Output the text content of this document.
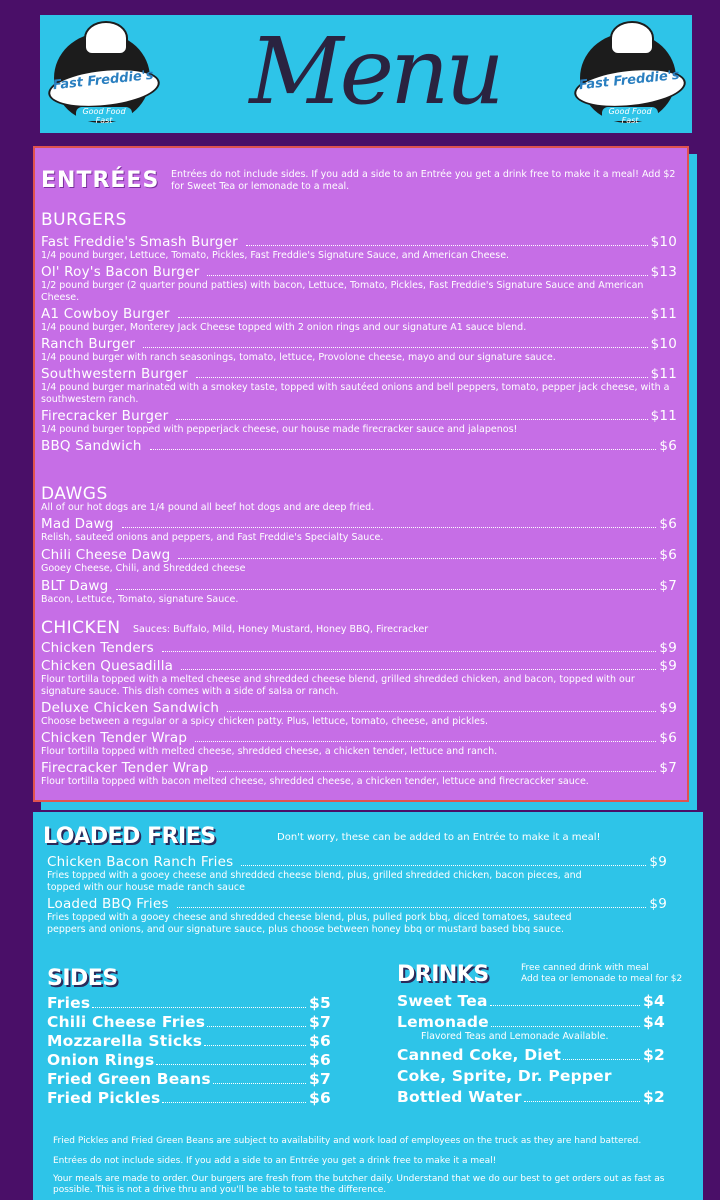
Fast Freddie's
Good Food Fast
Fast Freddie's
Good Food Fast
Menu
ENTRÉES Entrées do not include sides. If you add a side to an Entrée you get a drink free to make it a meal! Add $2 for Sweet Tea or lemonade to a meal.
BURGERS
Fast Freddie's Smash Burger	$10
1/4 pound burger, Lettuce, Tomato, Pickles, Fast Freddie's Signature Sauce, and American Cheese.
Ol' Roy's Bacon Burger	$13
1/2 pound burger (2 quarter pound patties) with bacon, Lettuce, Tomato, Pickles, Fast Freddie's Signature Sauce and American Cheese.
A1 Cowboy Burger	$11
1/4 pound burger, Monterey Jack Cheese topped with 2 onion rings and our signature A1 sauce blend.
Ranch Burger	$10
1/4 pound burger with ranch seasonings, tomato, lettuce, Provolone cheese, mayo and our signature sauce.
Southwestern Burger	$11
1/4 pound burger marinated with a smokey taste, topped with sautéed onions and bell peppers, tomato, pepper jack cheese, with a southwestern ranch.
Firecracker Burger	$11
1/4 pound burger topped with pepperjack cheese, our house made firecracker sauce and jalapenos!
BBQ Sandwich	$6
DAWGS
All of our hot dogs are 1/4 pound all beef hot dogs and are deep fried.
Mad Dawg	$6
Relish, sauteed onions and peppers, and Fast Freddie's Specialty Sauce.
Chili Cheese Dawg	$6
Gooey Cheese, Chili, and Shredded cheese
BLT Dawg	$7
Bacon, Lettuce, Tomato, signature Sauce.
CHICKEN Sauces: Buffalo, Mild, Honey Mustard, Honey BBQ, Firecracker
Chicken Tenders	$9
Chicken Quesadilla	$9
Flour tortilla topped with a melted cheese and shredded cheese blend, grilled shredded chicken, and bacon, topped with our signature sauce. This dish comes with a side of salsa or ranch.
Deluxe Chicken Sandwich	$9
Choose between a regular or a spicy chicken patty. Plus, lettuce, tomato, cheese, and pickles.
Chicken Tender Wrap	$6
Flour tortilla topped with melted cheese, shredded cheese, a chicken tender, lettuce and ranch.
Firecracker Tender Wrap	$7
Flour tortilla topped with bacon melted cheese, shredded cheese, a chicken tender, lettuce and firecraccker sauce.
LOADED FRIES	Don't worry, these can be added to an Entrée to make it a meal!
Chicken Bacon Ranch Fries	$9
Fries topped with a gooey cheese and shredded cheese blend, plus, grilled shredded chicken, bacon pieces, and topped with our house made ranch sauce
Loaded BBQ Fries	$9
Fries topped with a gooey cheese and shredded cheese blend, plus, pulled pork bbq, diced tomatoes, sauteed peppers and onions, and our signature sauce, plus choose between honey bbq or mustard based bbq sauce.
SIDES
Fries	$5
Chili Cheese Fries	$7
Mozzarella Sticks	$6
Onion Rings	$6
Fried Green Beans	$7
Fried Pickles	$6
DRINKS	Free canned drink with meal
Add tea or lemonade to meal for $2
Sweet Tea	$4
Lemonade	$4
Flavored Teas and Lemonade Available.
Canned Coke, Diet	$2
Coke, Sprite, Dr. Pepper
Bottled Water	$2
Fried Pickles and Fried Green Beans are subject to availability and work load of employees on the truck as they are hand battered.
Entrées do not include sides. If you add a side to an Entrée you get a drink free to make it a meal!
Your meals are made to order. Our burgers are fresh from the butcher daily. Understand that we do our best to get orders out as fast as possible. This is not a drive thru and you'll be able to taste the difference.
